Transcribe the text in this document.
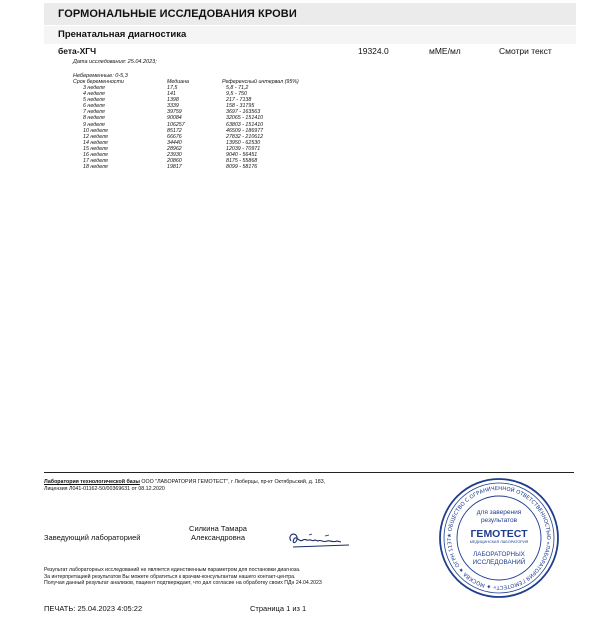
ГОРМОНАЛЬНЫЕ ИССЛЕДОВАНИЯ КРОВИ
Пренатальная диагностика
бета-ХГЧ	19324.0	мМЕ/мл	Смотри текст
Дата исследования: 25.04.2023;
Небеременные: 0-5,3
Срок беременности	Медиана	Референсный интервал (95%)
3 неделя	17,5	5,8 - 71,2
4 неделя	141	9,5 - 750
5 неделя	1398	217 - 7138
6 неделя	3339	158 - 31795
7 неделя	39759	3697 - 163563
8 неделя	90084	32065 - 151410
9 неделя	106257	63803 - 151410
10 неделя	85172	46509 - 186977
12 неделя	66676	27832 - 210612
14 неделя	34440	13950 - 62530
15 неделя	28962	12039 - 70971
16 неделя	23930	9040 - 56451
17 неделя	20860	8175 - 55868
18 неделя	19817	8099 - 58176
Лаборатория технологической базы ООО "ЛАБОРАТОРИЯ ГЕМОТЕСТ", г Люберцы, пр-кт Октябрьский, д. 183,
Лицензия Л041-01162-50/00369631 от 08.12.2020
Заведующий лабораторией
Силкина Тамара
Александровна
Результат лабораторных исследований не является единственным параметром для постановки диагноза.
За интерпретацией результатов Вы можете обратиться к врачам-консультантам нашего контакт-центра.
Получая данный результат анализов, пациент подтверждает, что дал согласие на обработку своих ПДн 24.04.2023
ПЕЧАТЬ: 25.04.2023 4:05:22	Страница 1 из 1
★ ОБЩЕСТВО С ОГРАНИЧЕННОЙ ОТВЕТСТВЕННОСТЬЮ «ЛАБОРАТОРИЯ ГЕМОТЕСТ» ★ МОСКВА ★ ОГРН 1137
для заверения
результатов
ГЕМОТЕСТ
МЕДИЦИНСКАЯ ЛАБОРАТОРИЯ
ЛАБОРАТОРНЫХ
ИССЛЕДОВАНИЙ
